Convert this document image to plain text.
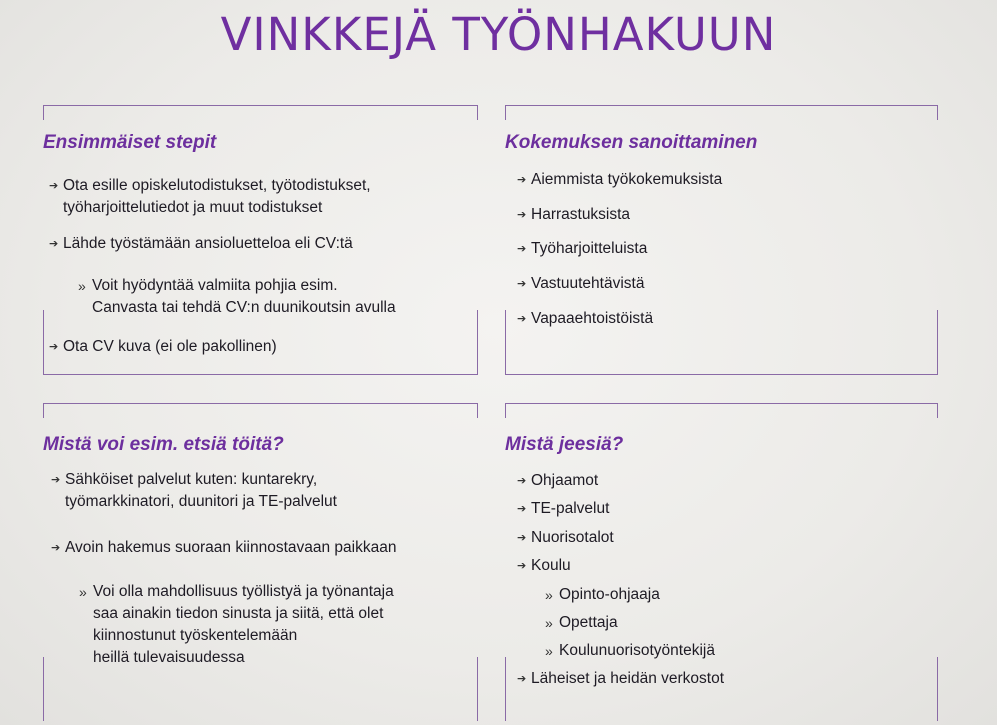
VINKKEJÄ TYÖNHAKUUN
Ensimmäiset stepit
➔ Ota esille opiskelutodistukset, työtodistukset,
työharjoittelutiedot ja muut todistukset
➔ Lähde työstämään ansioluetteloa eli CV:tä
» Voit hyödyntää valmiita pohjia esim.
Canvasta tai tehdä CV:n duunikoutsin avulla
➔ Ota CV kuva (ei ole pakollinen)
Kokemuksen sanoittaminen
➔ Aiemmista työkokemuksista
➔ Harrastuksista
➔ Työharjoitteluista
➔ Vastuutehtävistä
➔ Vapaaehtoistöistä
Mistä voi esim. etsiä töitä?
➔ Sähköiset palvelut kuten: kuntarekry,
työmarkkinatori, duunitori ja TE-palvelut
➔ Avoin hakemus suoraan kiinnostavaan paikkaan
» Voi olla mahdollisuus työllistyä ja työnantaja
saa ainakin tiedon sinusta ja siitä, että olet
kiinnostunut työskentelemään
heillä tulevaisuudessa
Mistä jeesiä?
➔ Ohjaamot
➔ TE-palvelut
➔ Nuorisotalot
➔ Koulu
» Opinto-ohjaaja
» Opettaja
» Koulunuorisotyöntekijä
➔ Läheiset ja heidän verkostot
